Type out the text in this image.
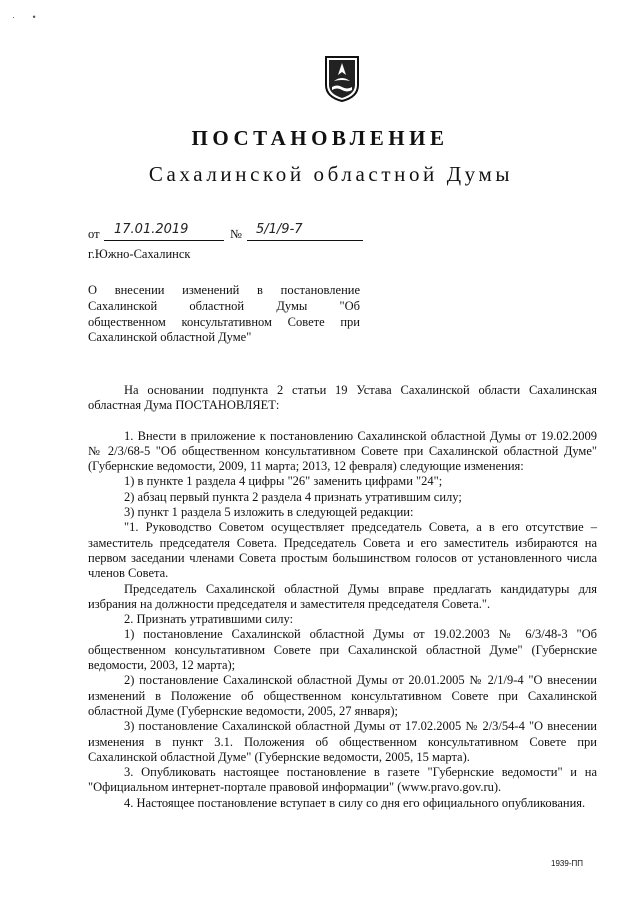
·       •
ПОСТАНОВЛЕНИЕ
Сахалинской областной Думы
от 17.01.2019	№ 5/1/9-7
г.Южно-Сахалинск
О внесении изменений в постановление
Сахалинской областной Думы "Об
общественном консультативном Совете при
Сахалинской областной Думе"

На основании подпункта 2 статьи 19 Устава Сахалинской области Сахалинская областная Дума ПОСТАНОВЛЯЕТ:

1. Внести в приложение к постановлению Сахалинской областной Думы от 19.02.2009 № 2/3/68-5 "Об общественном консультативном Совете при Сахалинской областной Думе" (Губернские ведомости, 2009, 11 марта; 2013, 12 февраля) следующие изменения:

1) в пункте 1 раздела 4 цифры "26" заменить цифрами "24";

2) абзац первый пункта 2 раздела 4 признать утратившим силу;

3) пункт 1 раздела 5 изложить в следующей редакции:

"1. Руководство Советом осуществляет председатель Совета, а в его отсутствие – заместитель председателя Совета. Председатель Совета и его заместитель избираются на первом заседании членами Совета простым большинством голосов от установленного числа членов Совета.

Председатель Сахалинской областной Думы вправе предлагать кандидатуры для избрания на должности председателя и заместителя председателя Совета.".

2. Признать утратившими силу:

1) постановление Сахалинской областной Думы от 19.02.2003 № 6/3/48-3 "Об общественном консультативном Совете при Сахалинской областной Думе" (Губернские ведомости, 2003, 12 марта);

2) постановление Сахалинской областной Думы от 20.01.2005 № 2/1/9-4 "О внесении изменений в Положение об общественном консультативном Совете при Сахалинской областной Думе (Губернские ведомости, 2005, 27 января);

3) постановление Сахалинской областной Думы от 17.02.2005 № 2/3/54-4 "О внесении изменения в пункт 3.1. Положения об общественном консультативном Совете при Сахалинской областной Думе" (Губернские ведомости, 2005, 15 марта).

3. Опубликовать настоящее постановление в газете "Губернские ведомости" и на "Официальном интернет-портале правовой информации" (www.pravo.gov.ru).

4. Настоящее постановление вступает в силу со дня его официального опубликования.

1939-ПП
